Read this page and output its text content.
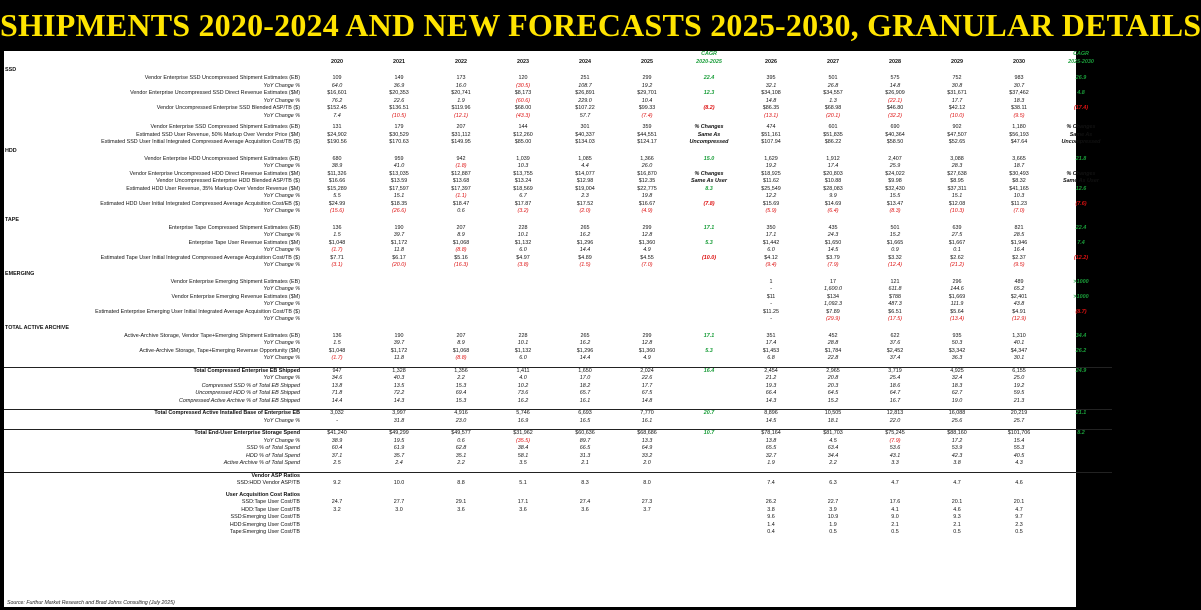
SHIPMENTS 2020-2024 AND NEW FORECASTS 2025-2030, GRANULAR DETAILS
							CAGR						CAGR
	2020	2021	2022	2023	2024	2025	2020-2025	2026	2027	2028	2029	2030	2025-2030
SSD													
Vendor Enterprise SSD Uncompressed Shipment Estimates (EB)	109	149	173	120	251	299	22.4	395	501	575	752	983	26.9
YoY Change %	64.0	36.9	16.0	(30.5)	108.7	19.2		32.1	26.8	14.8	30.8	30.7	
Vendor Enterprise Uncompressed SSD Direct Revenue Estimates ($M)	$16,601	$20,353	$20,741	$8,173	$26,891	$29,701	12.3	$34,108	$34,557	$26,909	$31,671	$37,462	4.8
YoY Change %	76.2	22.6	1.9	(60.6)	229.0	10.4		14.8	1.3	(22.1)	17.7	18.3	
Vendor Uncompressed Enterprise SSD Blended ASP/TB ($)	$152.45	$136.51	$119.96	$68.00	$107.22	$99.33	(8.2)	$86.35	$68.98	$46.80	$42.12	$38.11	(17.4)
YoY Change %	7.4	(10.5)	(12.1)	(43.3)	57.7	(7.4)		(13.1)	(20.1)	(32.2)	(10.0)	(9.5)	

Vendor Enterprise SSD Compressed Shipment Estimates (EB)	131	179	207	144	301	359	% Changes	474	601	690	902	1,180	% Changes
Estimated SSD User Revenue, 50% Markup Over Vendor Price ($M)	$24,902	$30,529	$31,112	$12,260	$40,337	$44,551	Same As	$51,161	$51,835	$40,364	$47,507	$56,193	Same As
Estimated SSD User Initial Integrated Compressed Average Acquisition Cost/TB ($)	$190.56	$170.63	$149.95	$85.00	$134.03	$124.17	Uncompressed	$107.94	$86.22	$58.50	$52.65	$47.64	Uncompressed
HDD													
Vendor Enterprise HDD Uncompressed Shipment Estimates (EB)	680	959	942	1,039	1,085	1,366	15.0	1,629	1,912	2,407	3,088	3,665	21.8
YoY Change %	38.9	41.0	(1.8)	10.3	4.4	26.0		19.2	17.4	25.9	28.3	18.7	
Vendor Enterprise Uncompressed HDD Direct Revenue Estimates ($M)	$11,326	$13,035	$12,887	$13,755	$14,077	$16,870	% Changes	$18,925	$20,803	$24,022	$27,638	$30,493	% Changes
Vendor Uncompressed Enterprise HDD Blended ASP/TB ($)	$16.66	$13.59	$13.68	$13.24	$12.98	$12.35	Same As User	$11.62	$10.88	$9.98	$8.95	$8.32	Same As User
Estimated HDD User Revenue, 35% Markup Over Vendor Revenue ($M)	$15,289	$17,597	$17,397	$18,569	$19,004	$22,775	8.3	$25,549	$28,083	$32,430	$37,311	$41,165	12.6
YoY Change %	5.5	15.1	(1.1)	6.7	2.3	19.8		12.2	9.9	15.5	15.1	10.3	
Estimated HDD User Initial Integrated Compressed Average Acquisition Cost/EB ($)	$24.99	$18.35	$18.47	$17.87	$17.52	$16.67	(7.8)	$15.69	$14.69	$13.47	$12.08	$11.23	(7.6)
YoY Change %	(15.6)	(26.6)	0.6	(3.2)	(2.0)	(4.9)		(5.9)	(6.4)	(8.3)	(10.3)	(7.0)	
TAPE													
Enterprise Tape Compressed Shipment Estimates (EB)	136	190	207	228	265	299	17.1	350	435	501	639	821	22.4
YoY Change %	1.5	39.7	8.9	10.1	16.2	12.8		17.1	24.3	15.2	27.5	28.5	
Enterprise Tape User Revenue Estimates ($M)	$1,048	$1,172	$1,068	$1,132	$1,296	$1,360	5.3	$1,442	$1,650	$1,665	$1,667	$1,946	7.4
YoY Change %	(1.7)	11.8	(8.8)	6.0	14.4	4.9		6.0	14.5	0.9	0.1	16.4	
Estimated Tape User Initial Integrated Compressed Average Acquisition Cost/TB ($)	$7.71	$6.17	$5.16	$4.97	$4.89	$4.55	(10.0)	$4.12	$3.79	$3.32	$2.62	$2.37	(12.2)
YoY Change %	(3.1)	(20.0)	(16.3)	(3.8)	(1.5)	(7.0)		(9.4)	(7.9)	(12.4)	(21.2)	(9.5)	
EMERGING													
Vendor Enterprise Emerging Shipment Estimates (EB)								1	17	121	296	489	>1000
YoY Change %								-	1,600.0	611.8	144.6	65.2	
Vendor Enterprise Emerging Revenue Estimates ($M)								$11	$134	$788	$1,669	$2,401	>1000
YoY Change %								-	1,092.3	487.3	111.9	43.8	
Estimated Enterprise Emerging User Initial Integrated Average Acquisition Cost/TB ($)								$11.25	$7.89	$6.51	$5.64	$4.91	(8.7)
YoY Change %								-	(29.9)	(17.5)	(13.4)	(12.9)	
TOTAL ACTIVE ARCHIVE													
Active-Archive Storage, Vendor Tape+Emerging Shipment Estimates (EB)	136	190	207	228	265	299	17.1	351	452	622	935	1,310	34.4
YoY Change %	1.5	39.7	8.9	10.1	16.2	12.8		17.4	28.8	37.6	50.3	40.1	
Active-Archive Storage, Tape+Emerging Revenue Opportunity ($M)	$1,048	$1,172	$1,068	$1,132	$1,296	$1,360	5.3	$1,453	$1,784	$2,452	$3,342	$4,347	26.2
YoY Change %	(1.7)	11.8	(8.8)	6.0	14.4	4.9		6.8	22.8	37.4	36.3	30.1	

Total Compressed Enterprise EB Shipped	947	1,328	1,356	1,411	1,650	2,024	16.4	2,454	2,965	3,719	4,925	6,155	24.9
YoY Change %	34.6	40.3	2.2	4.0	17.0	22.6		21.2	20.8	25.4	32.4	25.0	
Compressed SSD % of Total EB Shipped	13.8	13.5	15.3	10.2	18.2	17.7		19.3	20.3	18.6	18.3	19.2	
Uncompressed HDD % of Total EB Shipped	71.8	72.2	69.4	73.6	65.7	67.5		66.4	64.5	64.7	62.7	59.5	
Compressed Active Archive % of Total EB Shipped	14.4	14.3	15.3	16.2	16.1	14.8		14.3	15.2	16.7	19.0	21.3	

Total Compressed Active Installed Base of Enterprise EB	3,032	3,997	4,916	5,746	6,693	7,770	20.7	8,896	10,505	12,813	16,088	20,219	21.1
YoY Change %	-	31.8	23.0	16.9	16.5	16.1		14.5	18.1	22.0	25.6	25.7	

Total End-User Enterprise Storage Spend	$41,240	$49,299	$49,577	$31,962	$60,636	$68,686	10.7	$78,164	$81,703	$75,245	$88,160	$101,706	8.2
YoY Change %	38.9	19.5	0.6	(35.5)	89.7	13.3		13.8	4.5	(7.9)	17.2	15.4	
SSD % of Total Spend	60.4	61.9	62.8	38.4	66.5	64.9		65.5	63.4	53.6	53.9	55.3	
HDD % of Total Spend	37.1	35.7	35.1	58.1	31.3	33.2		32.7	34.4	43.1	42.3	40.5	
Active Archive % of Total Spend	2.5	2.4	2.2	3.5	2.1	2.0		1.9	2.2	3.3	3.8	4.3	

Vendor ASP Ratios													
SSD:HDD Vendor ASP/TB	9.2	10.0	8.8	5.1	8.3	8.0		7.4	6.3	4.7	4.7	4.6	

User Acquisition Cost Ratios													
SSD:Tape User Cost/TB	24.7	27.7	29.1	17.1	27.4	27.3		26.2	22.7	17.6	20.1	20.1	
HDD:Tape User Cost/TB	3.2	3.0	3.6	3.6	3.6	3.7		3.8	3.9	4.1	4.6	4.7	
SSD:Emerging User Cost/TB								9.6	10.9	9.0	9.3	9.7	
HDD:Emerging User Cost/TB								1.4	1.9	2.1	2.1	2.3	
Tape:Emerging User Cost/TB								0.4	0.5	0.5	0.5	0.5	
Source: Furthur Market Research and Brad Johns Consulting (July 2025)
